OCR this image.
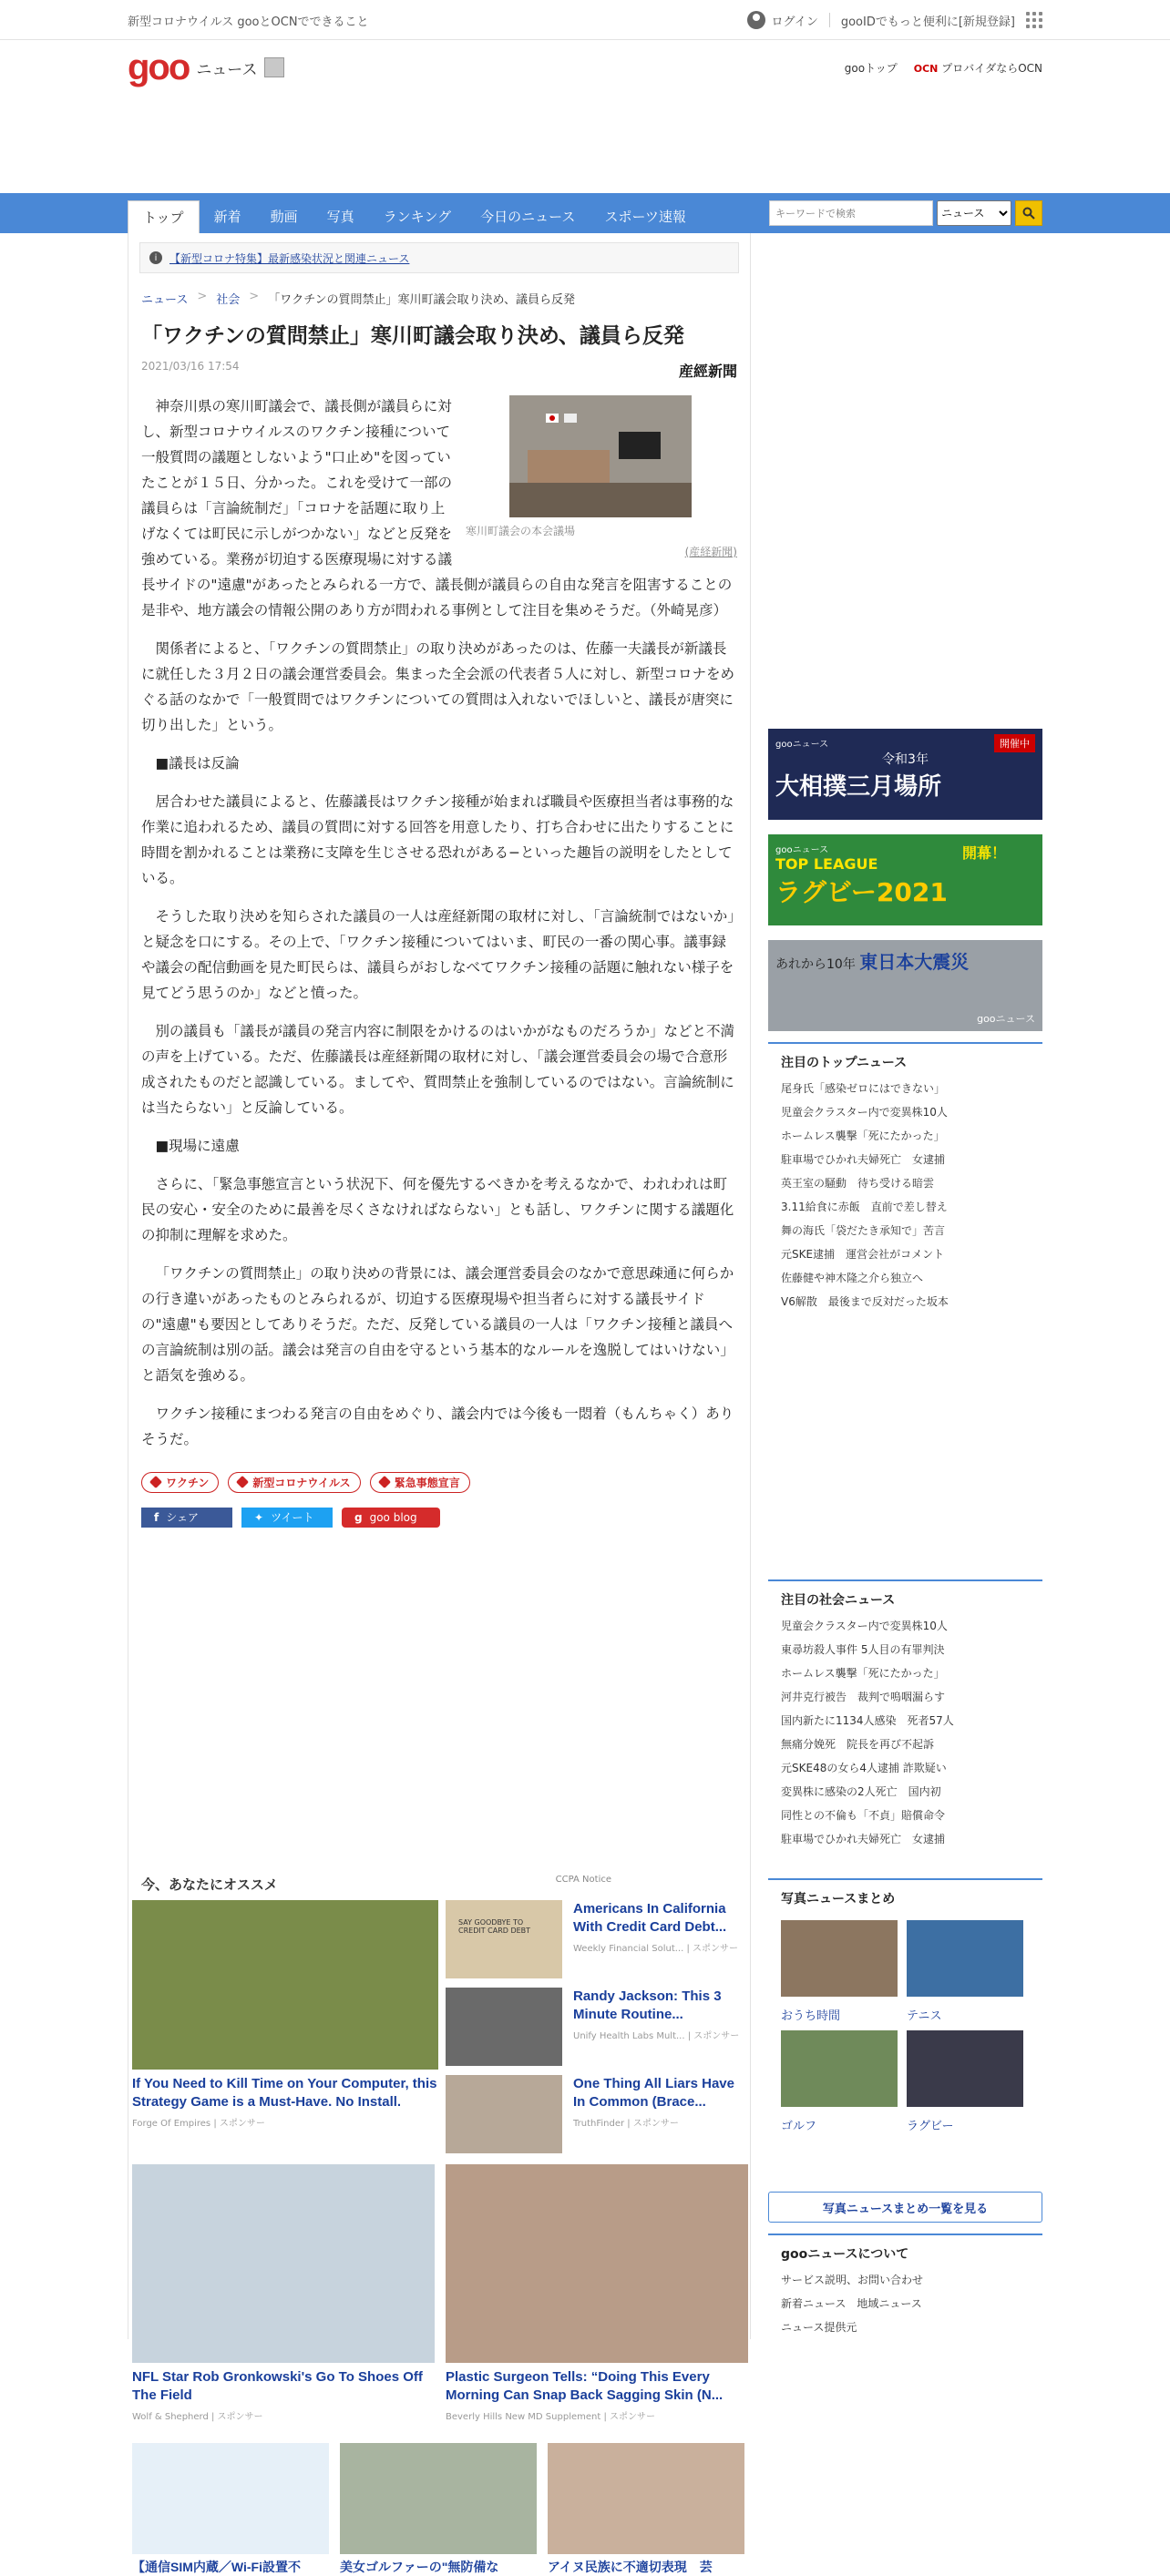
新型コロナウイルス gooとOCNでできること	ログイン gooIDでもっと便利に[新規登録]
goo ニュース	gooトップ OCN プロバイダならOCN
トップ	新着	動画	写真	ランキング	今日のニュース	スポーツ速報
キーワードで検索
ニュース
i	【新型コロナ特集】最新感染状況と関連ニュース
ニュース > 社会 > 「ワクチンの質問禁止」寒川町議会取り決め、議員ら反発
「ワクチンの質問禁止」寒川町議会取り決め、議員ら反発
2021/03/16 17:54	産經新聞
寒川町議会の本会議場
(産経新聞)

神奈川県の寒川町議会で、議長側が議員らに対し、新型コロナウイルスのワクチン接種について一般質問の議題としないよう"口止め"を図っていたことが１５日、分かった。これを受けて一部の議員らは「言論統制だ」「コロナを話題に取り上げなくては町民に示しがつかない」などと反発を強めている。業務が切迫する医療現場に対する議長サイドの"遠慮"があったとみられる一方で、議長側が議員らの自由な発言を阻害することの是非や、地方議会の情報公開のあり方が問われる事例として注目を集めそうだ。（外崎晃彦）

関係者によると、「ワクチンの質問禁止」の取り決めがあったのは、佐藤一夫議長が新議長に就任した３月２日の議会運営委員会。集まった全会派の代表者５人に対し、新型コロナをめぐる話のなかで「一般質問ではワクチンについての質問は入れないでほしいと、議長が唐突に切り出した」という。

■議長は反論

居合わせた議員によると、佐藤議長はワクチン接種が始まれば職員や医療担当者は事務的な作業に追われるため、議員の質問に対する回答を用意したり、打ち合わせに出たりすることに時間を割かれることは業務に支障を生じさせる恐れがある−といった趣旨の説明をしたとしている。

そうした取り決めを知らされた議員の一人は産経新聞の取材に対し、「言論統制ではないか」と疑念を口にする。その上で、「ワクチン接種についてはいま、町民の一番の関心事。議事録や議会の配信動画を見た町民らは、議員らがおしなべてワクチン接種の話題に触れない様子を見てどう思うのか」などと憤った。

別の議員も「議長が議員の発言内容に制限をかけるのはいかがなものだろうか」などと不満の声を上げている。ただ、佐藤議長は産経新聞の取材に対し、「議会運営委員会の場で合意形成されたものだと認識している。ましてや、質問禁止を強制しているのではない。言論統制には当たらない」と反論している。

■現場に遠慮

さらに、「緊急事態宣言という状況下、何を優先するべきかを考えるなかで、われわれは町民の安心・安全のために最善を尽くさなければならない」とも話し、ワクチンに関する議題化の抑制に理解を求めた。

「ワクチンの質問禁止」の取り決めの背景には、議会運営委員会のなかで意思疎通に何らかの行き違いがあったものとみられるが、切迫する医療現場や担当者らに対する議長サイドの"遠慮"も要因としてありそうだ。ただ、反発している議員の一人は「ワクチン接種と議員への言論統制は別の話。議会は発言の自由を守るという基本的なルールを逸脱してはいけない」と語気を強める。

ワクチン接種にまつわる発言の自由をめぐり、議会内では今後も一悶着（もんちゃく）ありそうだ。

ワクチン	新型コロナウイルス	緊急事態宣言
f シェア	✦ ツイート	g goo blog
今、あなたにオススメ	CCPA Notice
If You Need to Kill Time on Your Computer, this Strategy Game is a Must-Have. No Install.
Forge Of Empires | スポンサー
SAY GOODBYE TO CREDIT CARD DEBT
Americans In California With Credit Card Debt...
Weekly Financial Solut... | スポンサー
Randy Jackson: This 3 Minute Routine...
Unify Health Labs Mult... | スポンサー
One Thing All Liars Have In Common (Brace...
TruthFinder | スポンサー
NFL Star Rob Gronkowski's Go To Shoes Off The Field
Wolf & Shepherd | スポンサー
Plastic Surgeon Tells: “Doing This Every Morning Can Snap Back Sagging Skin (N...
Beverly Hills New MD Supplement | スポンサー
【通信SIM内蔵／Wi-Fi設置不	美女ゴルファーの"無防備な	アイヌ民族に不適切表現　芸
gooニュース
令和3年
大相撲三月場所
開催中
gooニュース
TOP LEAGUE
ラグビー2021
開幕！
あれから10年 東日本大震災
gooニュース
注目のトップニュース
尾身氏「感染ゼロにはできない」
児童会クラスター内で変異株10人
ホームレス襲撃「死にたかった」
駐車場でひかれ夫婦死亡　女逮捕
英王室の騒動　待ち受ける暗雲
3.11給食に赤飯　直前で差し替え
舞の海氏「袋だたき承知で」苦言
元SKE逮捕　運営会社がコメント
佐藤健や神木隆之介ら独立へ
V6解散　最後まで反対だった坂本
注目の社会ニュース
児童会クラスター内で変異株10人
東尋坊殺人事件 5人目の有罪判決
ホームレス襲撃「死にたかった」
河井克行被告　裁判で嗚咽漏らす
国内新たに1134人感染　死者57人
無痛分娩死　院長を再び不起訴
元SKE48の女ら4人逮捕 詐欺疑い
変異株に感染の2人死亡　国内初
同性との不倫も「不貞」賠償命令
駐車場でひかれ夫婦死亡　女逮捕
写真ニュースまとめ
おうち時間	テニス
ゴルフ	ラグビー
写真ニュースまとめ一覧を見る
gooニュースについて
サービス説明、お問い合わせ
新着ニュース　地域ニュース
ニュース提供元
